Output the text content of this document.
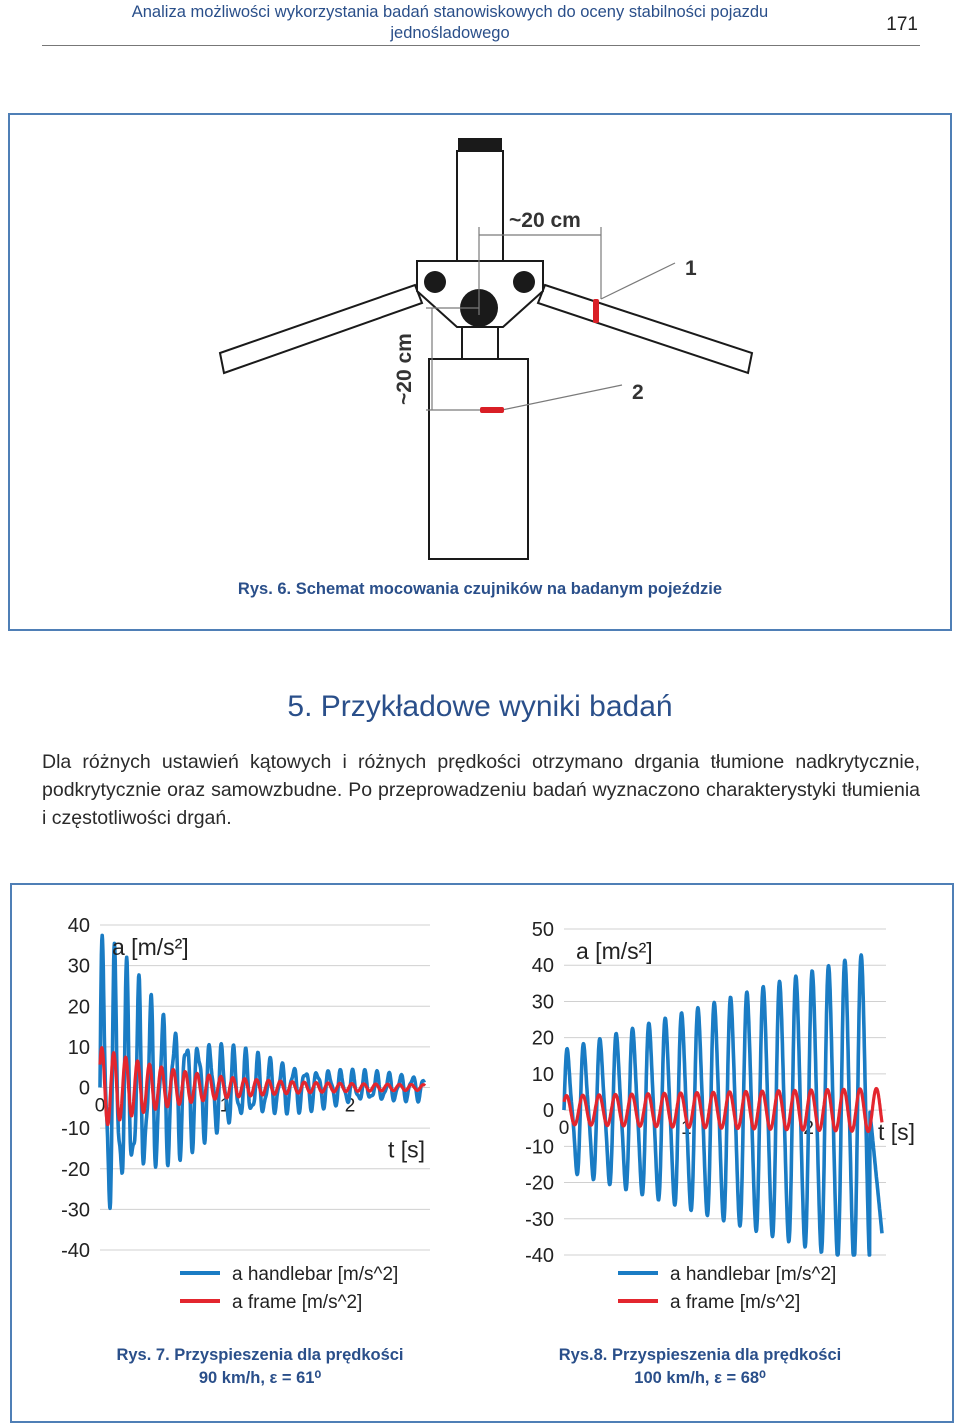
Analiza możliwości wykorzystania badań stanowiskowych do oceny stabilności pojazdu
jednośladowego	171
~20 cm
~20 cm
1
2
Rys. 6. Schemat mocowania czujników na badanym pojeździe
5. Przykładowe wyniki badań
Dla różnych ustawień kątowych i różnych prędkości otrzymano drgania tłumione nadkrytycznie, podkrytycznie oraz samowzbudne. Po przeprowadzeniu badań wyznaczono charakterystyki tłumienia i częstotliwości drgań.
40
30
20
10
0
-10
-20
-30
-40
0	1	2
a [m/s²]
t [s]
a handlebar [m/s^2]
a frame [m/s^2]
50
40
30
20
10
0
-10
-20
-30
-40
0	1	2
a [m/s²]
t [s]
a handlebar [m/s^2]
a frame [m/s^2]
Rys. 7. Przyspieszenia dla prędkości
90 km/h, ε = 61⁰
Rys.8. Przyspieszenia dla prędkości
100 km/h, ε = 68⁰
